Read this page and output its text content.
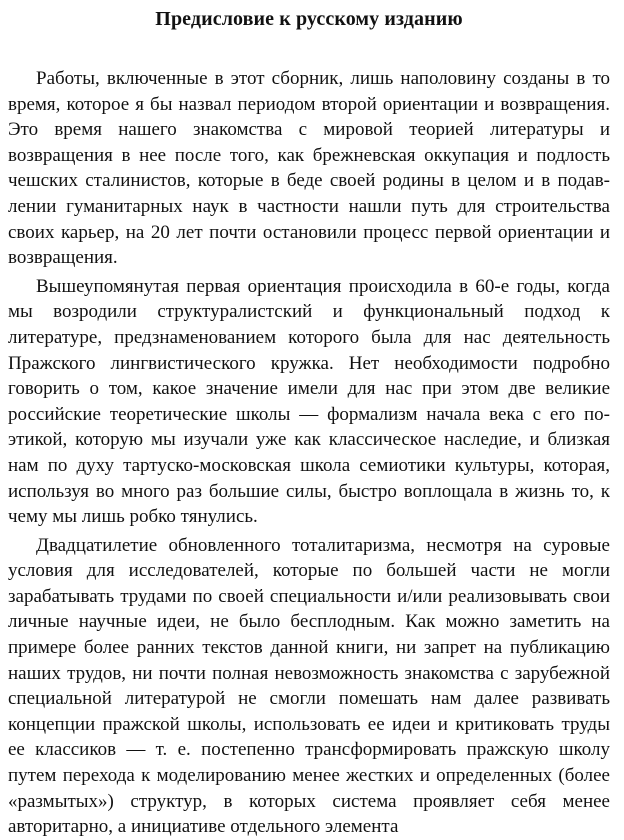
Предисловие к русскому изданию

Работы, включенные в этот сборник, лишь наполовину созданы в то время, которое я бы назвал периодом второй ориентации и возвращения. Это время нашего знакомства с мировой теорией литературы и возвращения в нее после того, как брежневская оккупация и подлость чешских сталинистов, которые в беде своей родины в целом и в подавлении гуманитарных наук в частности нашли путь для строительства своих карьер, на 20 лет почти остановили процесс первой ориентации и возвращения.

Вышеупомянутая первая ориентация происходила в 60-е годы, когда мы возродили структуралистский и функциональный подход к литературе, предзнаменованием которого была для нас деятельность Пражского лингвистического кружка. Нет необходимости подробно говорить о том, какое значение имели для нас при этом две великие российские теоретические школы — формализм начала века с его поэтикой, которую мы изучали уже как классическое наследие, и близкая нам по духу тартуско-московская школа семиотики культуры, которая, используя во много раз большие силы, быстро воплощала в жизнь то, к чему мы лишь робко тянулись.

Двадцатилетие обновленного тоталитаризма, несмотря на суровые условия для исследователей, которые по большей части не могли зарабатывать трудами по своей специальности и/или реализовывать свои личные научные идеи, не было бесплодным. Как можно заметить на примере более ранних текстов данной книги, ни запрет на публикацию наших трудов, ни почти полная невозможность знакомства с зарубежной специальной литературой не смогли помешать нам далее развивать концепции пражской школы, использовать ее идеи и критиковать труды ее классиков — т. е. постепенно трансформировать пражскую школу путем перехода к моделированию менее жестких и определенных (более «размытых») структур, в которых система проявляет себя менее авторитарно, а инициативе отдельного элемента
